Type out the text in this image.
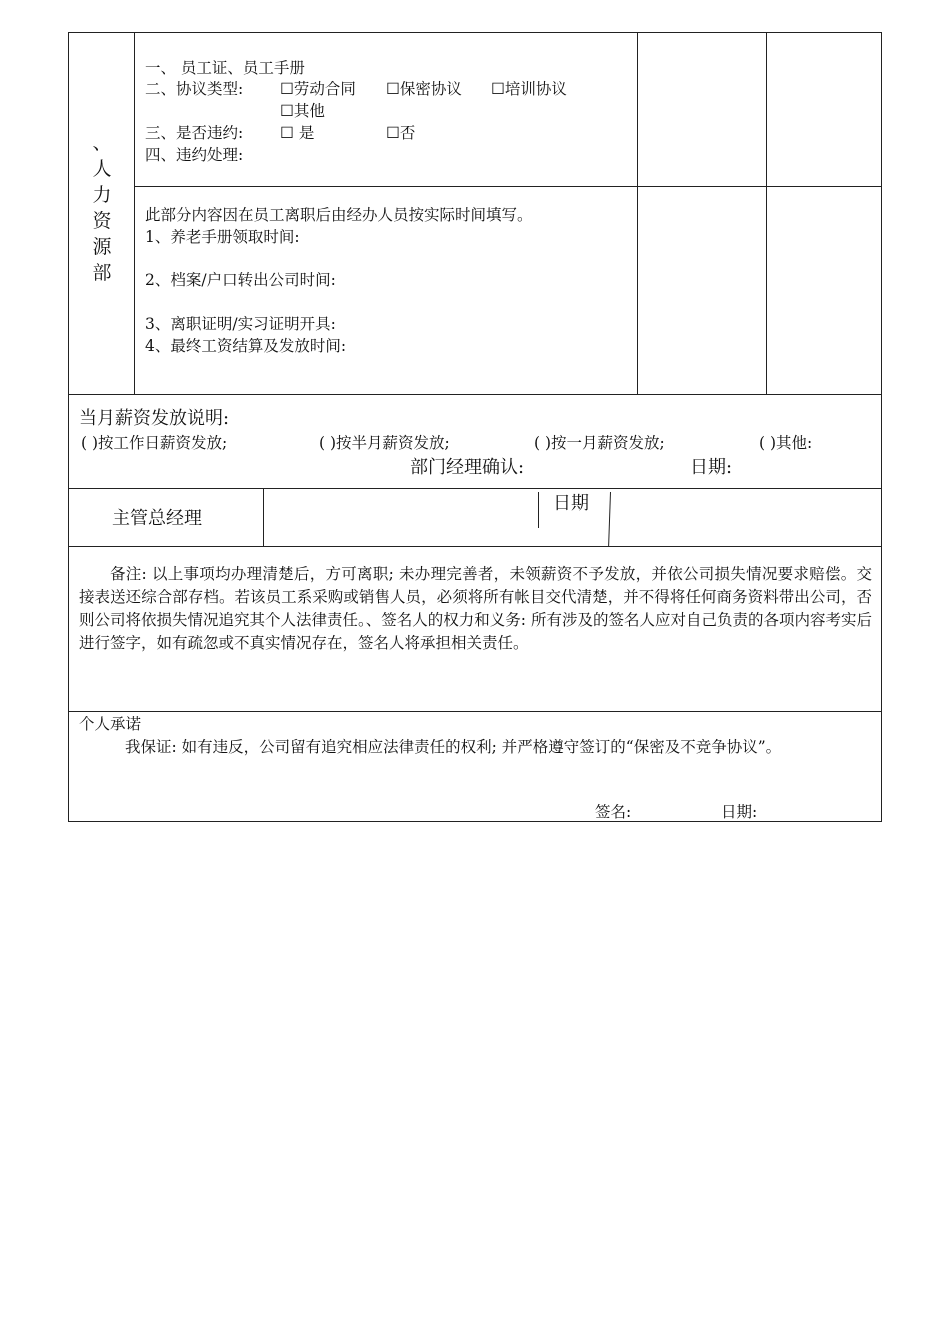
、
人
力
资
源
部
一、 员工证、员工手册
二、协议类型: ☐劳动合同 ☐保密协议 ☐培训协议
☐其他
三、是否违约: ☐ 是	☐否
四、违约处理:
此部分内容因在员工离职后由经办人员按实际时间填写。
1、养老手册领取时间:
2、档案/户口转出公司时间:
3、离职证明/实习证明开具:
4、最终工资结算及发放时间:
当月薪资发放说明:
( )按工作日薪资发放;	( )按半月薪资发放;	( )按一月薪资发放;	( )其他:
部门经理确认:	日期:
主管总经理
日期
备注: 以上事项均办理清楚后，方可离职; 未办理完善者，未领薪资不予发放，并依公司损失情况要求赔偿。交接表送还综合部存档。若该员工系采购或销售人员，必须将所有帐目交代清楚，并不得将任何商务资料带出公司，否则公司将依损失情况追究其个人法律责任。、签名人的权力和义务: 所有涉及的签名人应对自己负责的各项内容考实后进行签字，如有疏忽或不真实情况存在，签名人将承担相关责任。
个人承诺
我保证: 如有违反，公司留有追究相应法律责任的权利; 并严格遵守签订的“保密及不竞争协议”。
签名:	日期:
